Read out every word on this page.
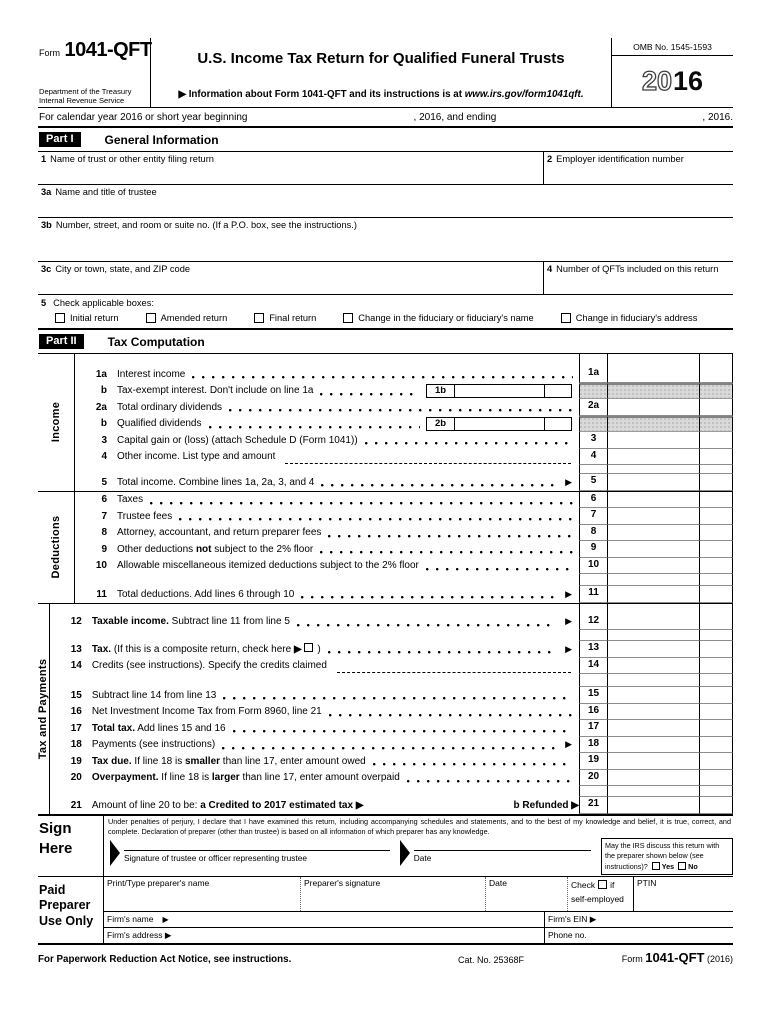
Form 1041-QFT
Department of the Treasury
Internal Revenue Service
U.S. Income Tax Return for Qualified Funeral Trusts
▶ Information about Form 1041-QFT and its instructions is at www.irs.gov/form1041qft.
OMB No. 1545-1593
20 16
For calendar year 2016 or short year beginning	, 2016, and ending	, 2016.
Part I	General Information
1 Name of trust or other entity filing return	2 Employer identification number
3a Name and title of trustee
3b Number, street, and room or suite no. (If a P.O. box, see the instructions.)
3c City or town, state, and ZIP code	4 Number of QFTs included on this return
5 Check applicable boxes:
Initial return	Amended return	Final return	Change in the fiduciary or fiduciary's name	Change in fiduciary's address
Part II	Tax Computation
Income
1a Interest income	1a
b Tax-exempt interest. Don't include on line 1a	1b
2a Total ordinary dividends	2a
b Qualified dividends	2b
3 Capital gain or (loss) (attach Schedule D (Form 1041))	3
4 Other income. List type and amount	4
5 Total income. Combine lines 1a, 2a, 3, and 4	▶	5
Deductions
6 Taxes	6
7 Trustee fees	7
8 Attorney, accountant, and return preparer fees	8
9 Other deductions not subject to the 2% floor	9
10 Allowable miscellaneous itemized deductions subject to the 2% floor	10
11 Total deductions. Add lines 6 through 10	▶	11
Tax and Payments
12 Taxable income. Subtract line 11 from line 5	▶	12
13 Tax. (If this is a composite return, check here ▶ )	▶	13
14 Credits (see instructions). Specify the credits claimed	14
15 Subtract line 14 from line 13	15
16 Net Investment Income Tax from Form 8960, line 21	16
17 Total tax. Add lines 15 and 16	17
18 Payments (see instructions)	▶	18
19 Tax due. If line 18 is smaller than line 17, enter amount owed	19
20 Overpayment. If line 18 is larger than line 17, enter amount overpaid	20
21 Amount of line 20 to be: a Credited to 2017 estimated tax ▶	b Refunded ▶ 21
Sign
Here
Under penalties of perjury, I declare that I have examined this return, including accompanying schedules and statements, and to the best of my knowledge and belief, it is true, correct, and complete. Declaration of preparer (other than trustee) is based on all information of which preparer has any knowledge.
Signature of trustee or officer representing trustee	Date
May the IRS discuss this return with the preparer shown below (see instructions)? Yes No
Paid
Preparer
Use Only
Print/Type preparer's name	Preparer's signature	Date	Check if
self-employed
PTIN
Firm's name ▶	Firm's EIN ▶
Firm's address ▶	Phone no.
For Paperwork Reduction Act Notice, see instructions.	Cat. No. 25368F	Form 1041-QFT (2016)
